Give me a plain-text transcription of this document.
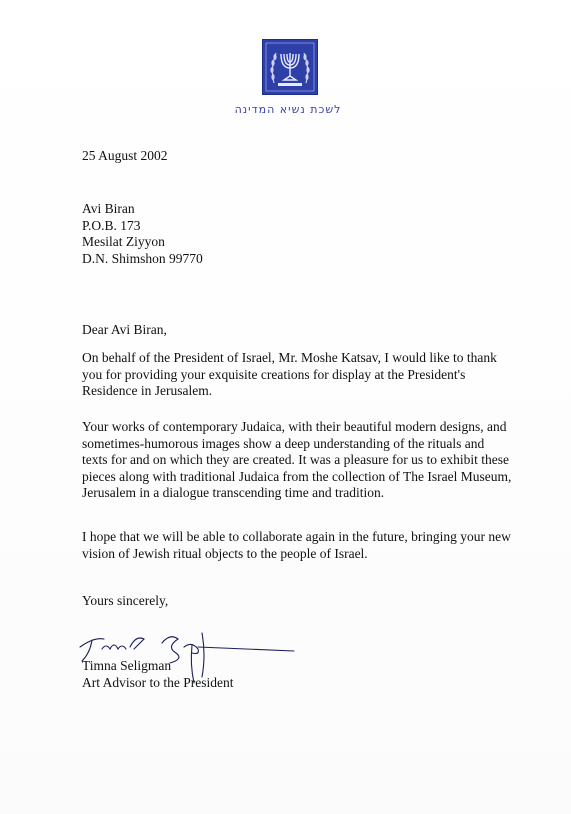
לשכת נשיא המדינה
25 August 2002
Avi Biran
P.O.B. 173
Mesilat Ziyyon
D.N. Shimshon 99770
Dear Avi Biran,
On behalf of the President of Israel, Mr. Moshe Katsav, I would like to thank you for providing your exquisite creations for display at the President's Residence in Jerusalem.
Your works of contemporary Judaica, with their beautiful modern designs, and sometimes-humorous images show a deep understanding of the rituals and texts for and on which they are created. It was a pleasure for us to exhibit these pieces along with traditional Judaica from the collection of The Israel Museum, Jerusalem in a dialogue transcending time and tradition.
I hope that we will be able to collaborate again in the future, bringing your new vision of Jewish ritual objects to the people of Israel.
Yours sincerely,
Timna Seligman
Art Advisor to the President
